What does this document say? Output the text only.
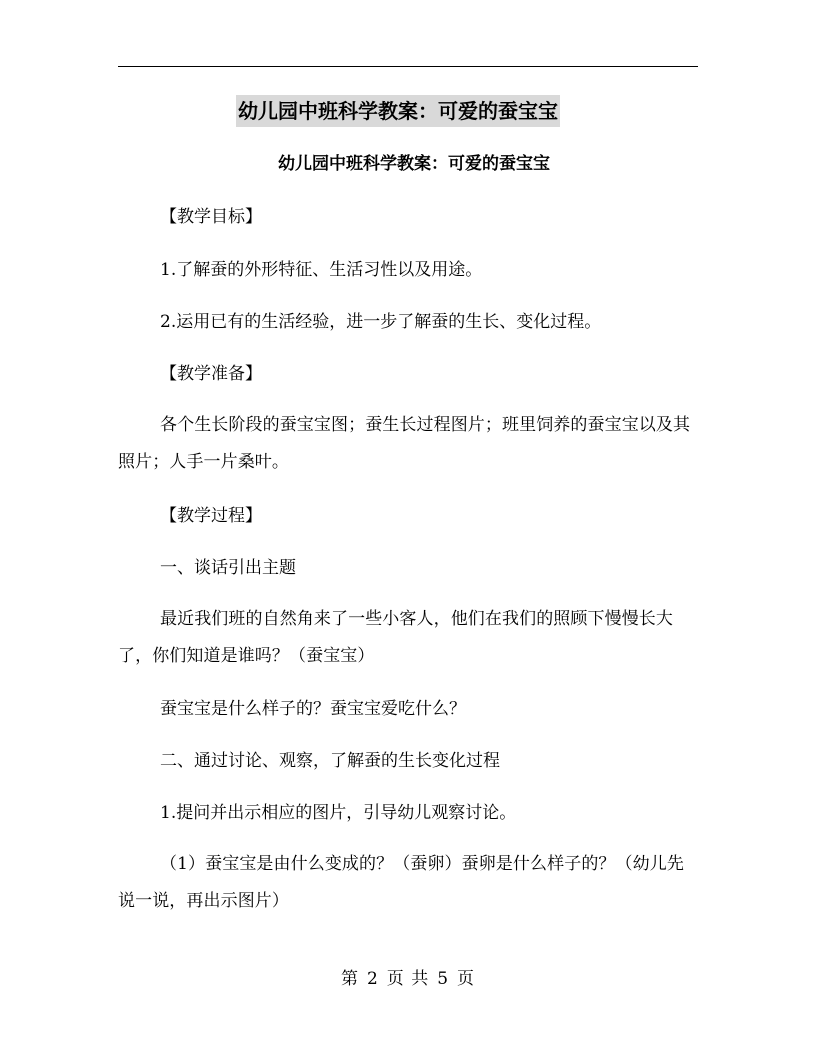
幼儿园中班科学教案：可爱的蚕宝宝
幼儿园中班科学教案：可爱的蚕宝宝
【教学目标】
1.了解蚕的外形特征、生活习性以及用途。
2.运用已有的生活经验，进一步了解蚕的生长、变化过程。
【教学准备】
各个生长阶段的蚕宝宝图；蚕生长过程图片；班里饲养的蚕宝宝以及其照片；人手一片桑叶。
【教学过程】
一、谈话引出主题
最近我们班的自然角来了一些小客人，他们在我们的照顾下慢慢长大了，你们知道是谁吗？（蚕宝宝）
蚕宝宝是什么样子的？蚕宝宝爱吃什么？
二、通过讨论、观察，了解蚕的生长变化过程
1.提问并出示相应的图片，引导幼儿观察讨论。
（1）蚕宝宝是由什么变成的？（蚕卵）蚕卵是什么样子的？（幼儿先说一说，再出示图片）
第 2 页 共 5 页
